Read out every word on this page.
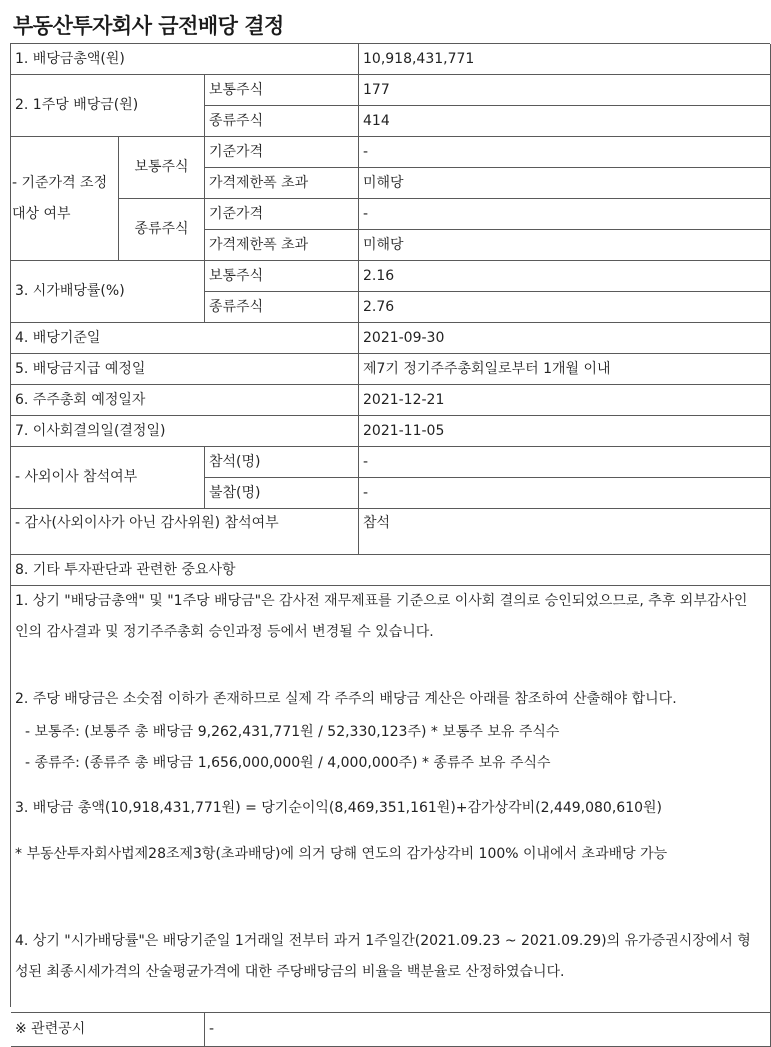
부동산투자회사 금전배당 결정
1. 배당금총액(원)	10,918,431,771
2. 1주당 배당금(원)
보통주식	177
종류주식	414
- 기준가격 조정 대상 여부
보통주식
기준가격	-
가격제한폭 초과	미해당
종류주식
기준가격	-
가격제한폭 초과	미해당
3. 시가배당률(%)
보통주식	2.16
종류주식	2.76
4. 배당기준일	2021-09-30
5. 배당금지급 예정일	제7기 정기주주총회일로부터 1개월 이내
6. 주주총회 예정일자	2021-12-21
7. 이사회결의일(결정일)	2021-11-05
- 사외이사 참석여부
참석(명)	-
불참(명)	-
- 감사(사외이사가 아닌 감사위원) 참석여부	참석
8. 기타 투자판단과 관련한 중요사항
1. 상기 "배당금총액" 및 "1주당 배당금"은 감사전 재무제표를 기준으로 이사회 결의로 승인되었으므로, 추후 외부감사인
인의 감사결과 및 정기주주총회 승인과정 등에서 변경될 수 있습니다.
2. 주당 배당금은 소숫점 이하가 존재하므로 실제 각 주주의 배당금 계산은 아래를 참조하여 산출해야 합니다.
- 보통주: (보통주 총 배당금 9,262,431,771원 / 52,330,123주) * 보통주 보유 주식수
- 종류주: (종류주 총 배당금 1,656,000,000원 / 4,000,000주) * 종류주 보유 주식수
3. 배당금 총액(10,918,431,771원) = 당기순이익(8,469,351,161원)+감가상각비(2,449,080,610원)
* 부동산투자회사법제28조제3항(초과배당)에 의거 당해 연도의 감가상각비 100% 이내에서 초과배당 가능
4. 상기 "시가배당률"은 배당기준일 1거래일 전부터 과거 1주일간(2021.09.23 ~ 2021.09.29)의 유가증권시장에서 형
성된 최종시세가격의 산술평균가격에 대한 주당배당금의 비율을 백분율로 산정하였습니다.
※ 관련공시	-
